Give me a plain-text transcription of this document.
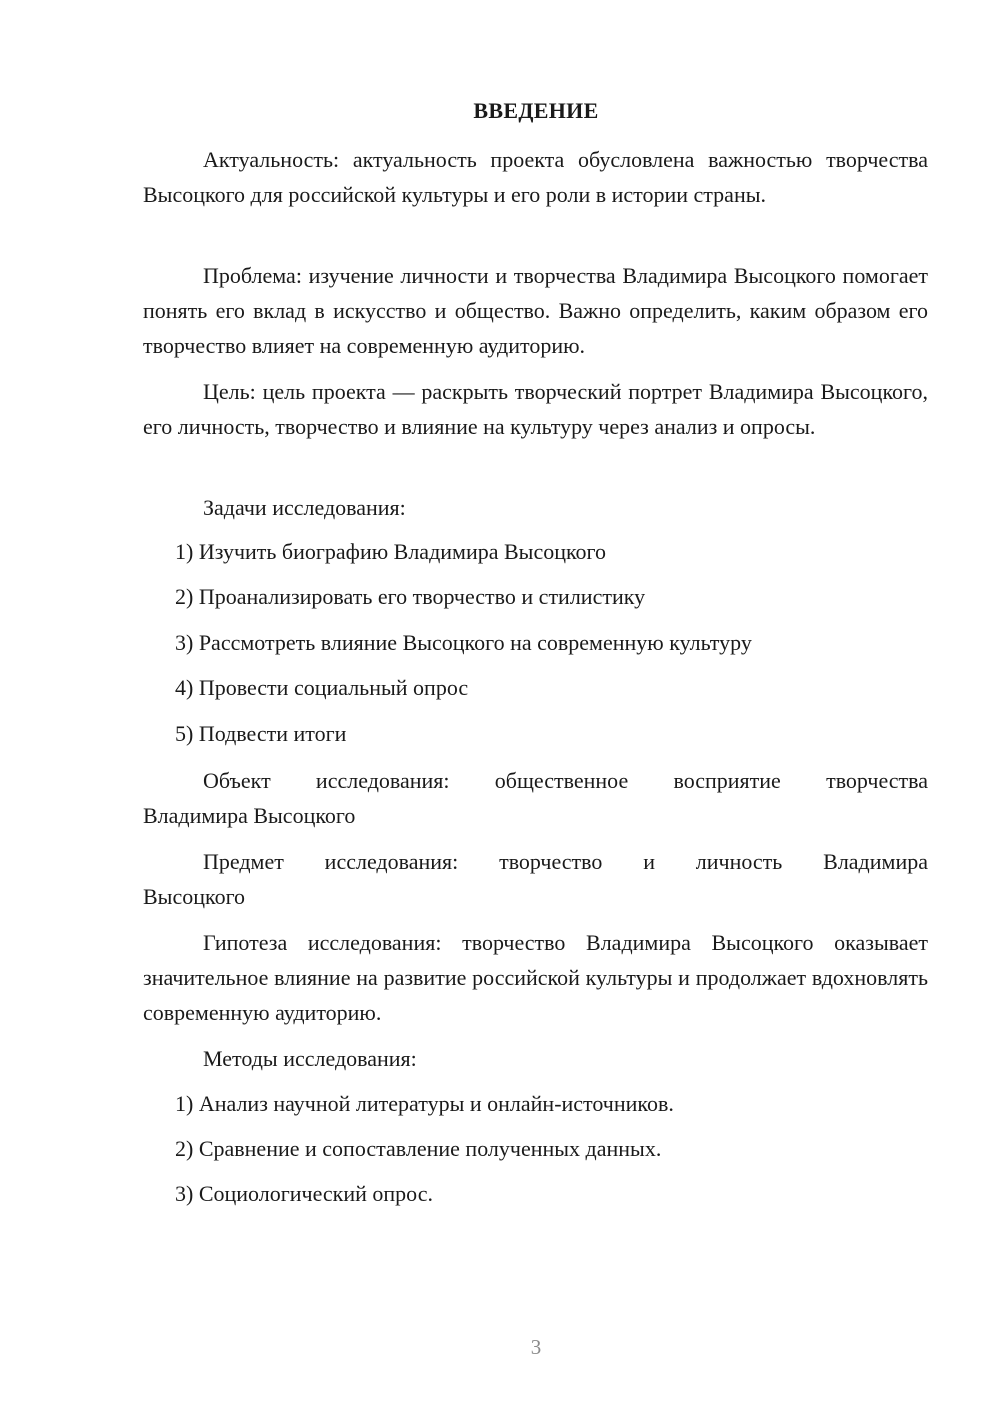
ВВЕДЕНИЕ
Актуальность: актуальность проекта обусловлена важностью творчества Высоцкого для российской культуры и его роли в истории страны.
Проблема: изучение личности и творчества Владимира Высоцкого помогает понять его вклад в искусство и общество. Важно определить, каким образом его творчество влияет на современную аудиторию.
Цель: цель проекта — раскрыть творческий портрет Владимира Высоцкого, его личность, творчество и влияние на культуру через анализ и опросы.
Задачи исследования:
1) Изучить биографию Владимира Высоцкого
2) Проанализировать его творчество и стилистику
3) Рассмотреть влияние Высоцкого на современную культуру
4) Провести социальный опрос
5) Подвести итоги
Объект исследования: общественное восприятие творчества
Владимира Высоцкого
Предмет исследования: творчество и личность Владимира
Высоцкого
Гипотеза исследования: творчество Владимира Высоцкого оказывает значительное влияние на развитие российской культуры и продолжает вдохновлять современную аудиторию.
Методы исследования:
1) Анализ научной литературы и онлайн-источников.
2) Сравнение и сопоставление полученных данных.
3) Социологический опрос.
3
